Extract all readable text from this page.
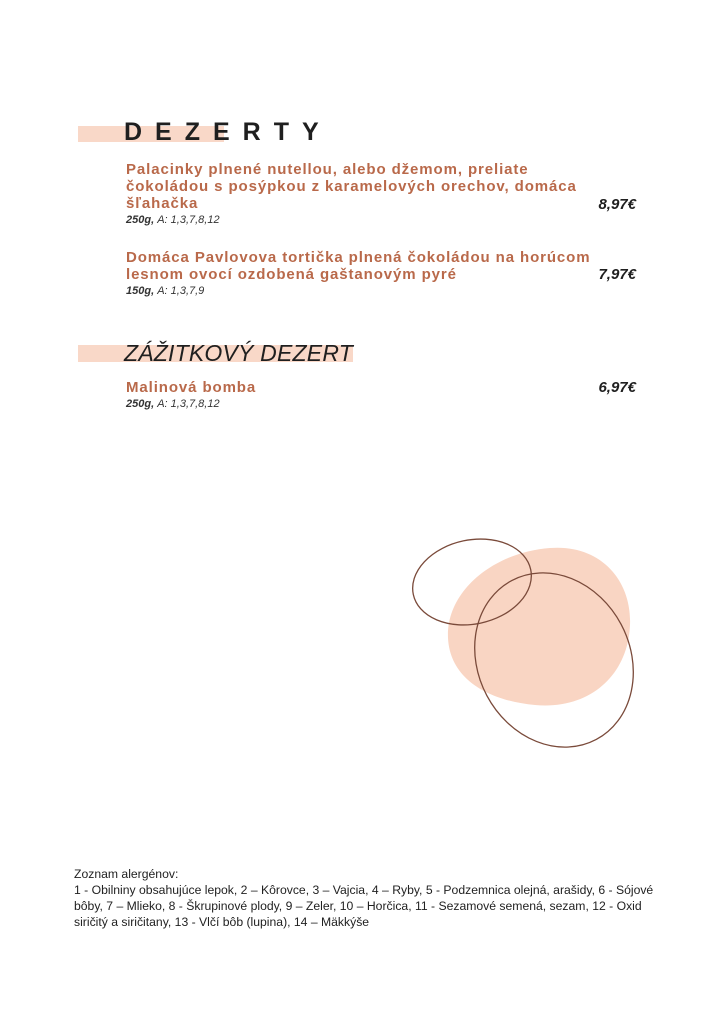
DEZERTY
Palacinky plnené nutellou, alebo džemom, preliate čokoládou s posýpkou z karamelových orechov, domáca šľahačka
250g, A: 1,3,7,8,12
8,97€
Domáca Pavlovova tortička plnená čokoládou na horúcom lesnom ovocí ozdobená gaštanovým pyré
150g, A: 1,3,7,9
7,97€
ZÁŽITKOVÝ DEZERT
Malinová bomba
250g, A: 1,3,7,8,12
6,97€
Zoznam alergénov:
1 - Obilniny obsahujúce lepok, 2 – Kôrovce, 3 – Vajcia, 4 – Ryby, 5 - Podzemnica olejná, arašidy, 6 - Sójové bôby, 7 – Mlieko, 8 - Škrupinové plody, 9 – Zeler, 10 – Horčica, 11 - Sezamové semená, sezam, 12 - Oxid siričitý a siričitany, 13 - Vlčí bôb (lupina), 14 – Mäkkýše
